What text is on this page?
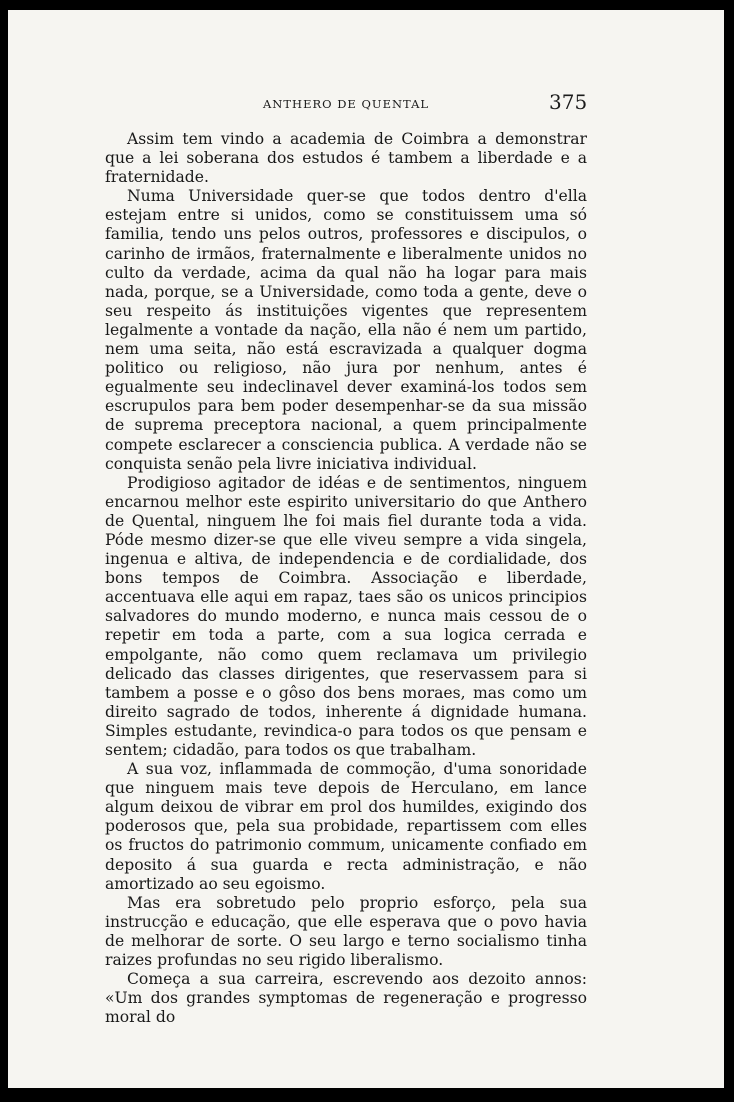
ANTHERO DE QUENTAL	375

Assim tem vindo a academia de Coimbra a demonstrar que a lei soberana dos estudos é tambem a liberdade e a fraternidade.

Numa Universidade quer-se que todos dentro d'ella estejam entre si unidos, como se constituissem uma só familia, tendo uns pelos outros, professores e discipulos, o carinho de irmãos, fraternalmente e liberalmente unidos no culto da verdade, acima da qual não ha logar para mais nada, porque, se a Universidade, como toda a gente, deve o seu respeito ás instituições vigentes que representem legalmente a vontade da nação, ella não é nem um partido, nem uma seita, não está escravizada a qualquer dogma politico ou religioso, não jura por nenhum, antes é egualmente seu indeclinavel dever examiná-los todos sem escrupulos para bem poder desempenhar-se da sua missão de suprema preceptora nacional, a quem principalmente compete esclarecer a consciencia publica. A verdade não se conquista senão pela livre iniciativa individual.

Prodigioso agitador de idéas e de sentimentos, ninguem encarnou melhor este espirito universitario do que Anthero de Quental, ninguem lhe foi mais fiel durante toda a vida. Póde mesmo dizer-se que elle viveu sempre a vida singela, ingenua e altiva, de independencia e de cordialidade, dos bons tempos de Coimbra. Associação e liberdade, accentuava elle aqui em rapaz, taes são os unicos principios salvadores do mundo moderno, e nunca mais cessou de o repetir em toda a parte, com a sua logica cerrada e empolgante, não como quem reclamava um privilegio delicado das classes dirigentes, que reservassem para si tambem a posse e o gôso dos bens moraes, mas como um direito sagrado de todos, inherente á dignidade humana. Simples estudante, revindica-o para todos os que pensam e sentem; cidadão, para todos os que trabalham.

A sua voz, inflammada de commoção, d'uma sonoridade que ninguem mais teve depois de Herculano, em lance algum deixou de vibrar em prol dos humildes, exigindo dos poderosos que, pela sua probidade, repartissem com elles os fructos do patrimonio commum, unicamente confiado em deposito á sua guarda e recta administração, e não amortizado ao seu egoismo.

Mas era sobretudo pelo proprio esforço, pela sua instrucção e educação, que elle esperava que o povo havia de melhorar de sorte. O seu largo e terno socialismo tinha raizes profundas no seu rigido liberalismo.

Começa a sua carreira, escrevendo aos dezoito annos: «Um dos grandes symptomas de regeneração e progresso moral do
